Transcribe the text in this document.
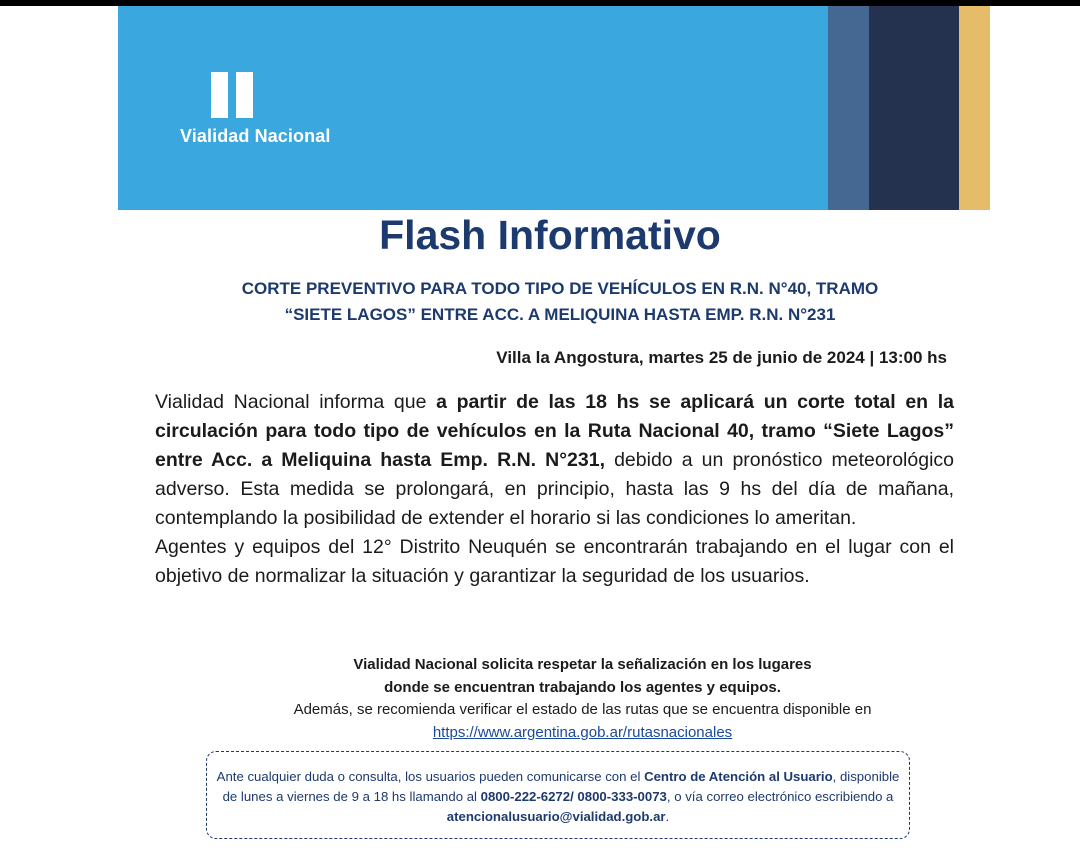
Vialidad Nacional
Flash Informativo
CORTE PREVENTIVO PARA TODO TIPO DE VEHÍCULOS EN R.N. N°40, TRAMO
“SIETE LAGOS” ENTRE ACC. A MELIQUINA HASTA EMP. R.N. N°231
Villa la Angostura, martes 25 de junio de 2024 | 13:00 hs

Vialidad Nacional informa que a partir de las 18 hs se aplicará un corte total en la circulación para todo tipo de vehículos en la Ruta Nacional 40, tramo “Siete Lagos” entre Acc. a Meliquina hasta Emp. R.N. N°231, debido a un pronóstico meteorológico adverso. Esta medida se prolongará, en principio, hasta las 9 hs del día de mañana, contemplando la posibilidad de extender el horario si las condiciones lo ameritan.

Agentes y equipos del 12° Distrito Neuquén se encontrarán trabajando en el lugar con el objetivo de normalizar la situación y garantizar la seguridad de los usuarios.

Vialidad Nacional solicita respetar la señalización en los lugares
donde se encuentran trabajando los agentes y equipos.
Además, se recomienda verificar el estado de las rutas que se encuentra disponible en
https://www.argentina.gob.ar/rutasnacionales
Ante cualquier duda o consulta, los usuarios pueden comunicarse con el Centro de Atención al Usuario, disponible de lunes a viernes de 9 a 18 hs llamando al 0800-222-6272/ 0800-333-0073, o vía correo electrónico escribiendo a atencionalusuario@vialidad.gob.ar.
